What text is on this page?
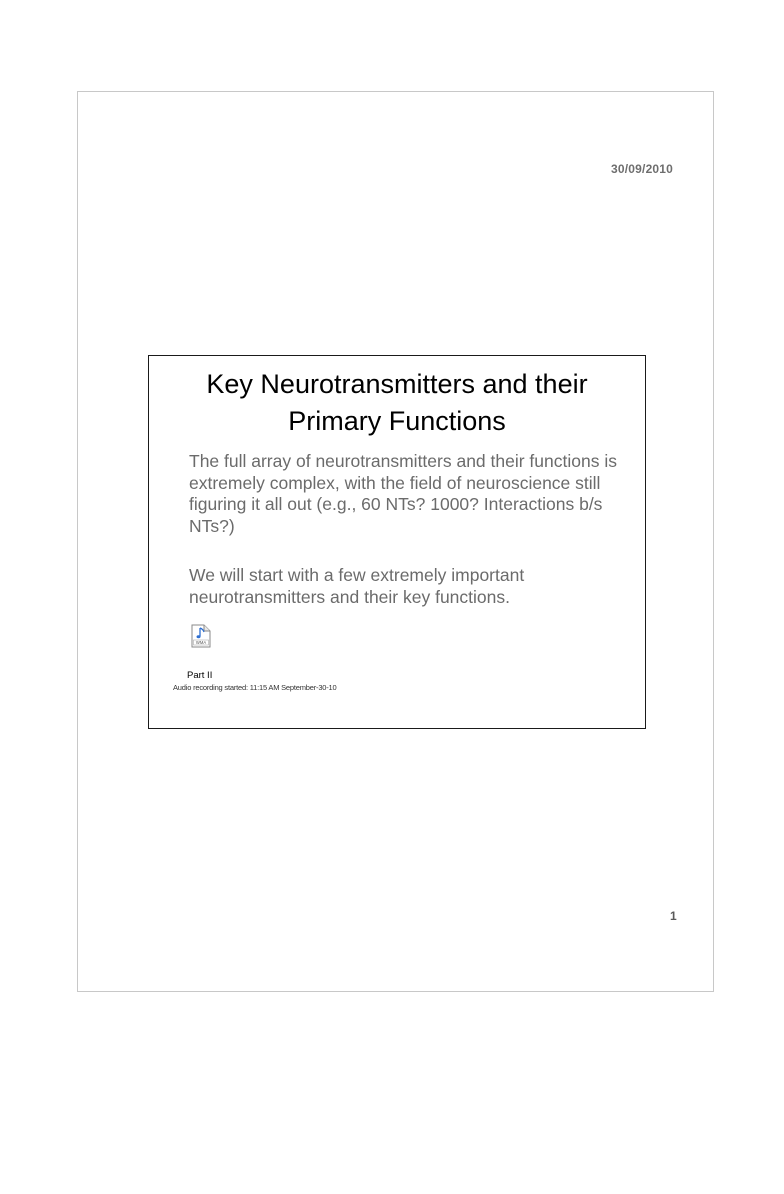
30/09/2010
Key Neurotransmitters and their
Primary Functions

The full array of neurotransmitters and their functions is extremely complex, with the field of neuroscience still figuring it all out (e.g., 60 NTs? 1000? Interactions b/s NTs?)

We will start with a few extremely important neurotransmitters and their key functions.

WMA

Part II

Audio recording started: 11:15 AM September-30-10

1
